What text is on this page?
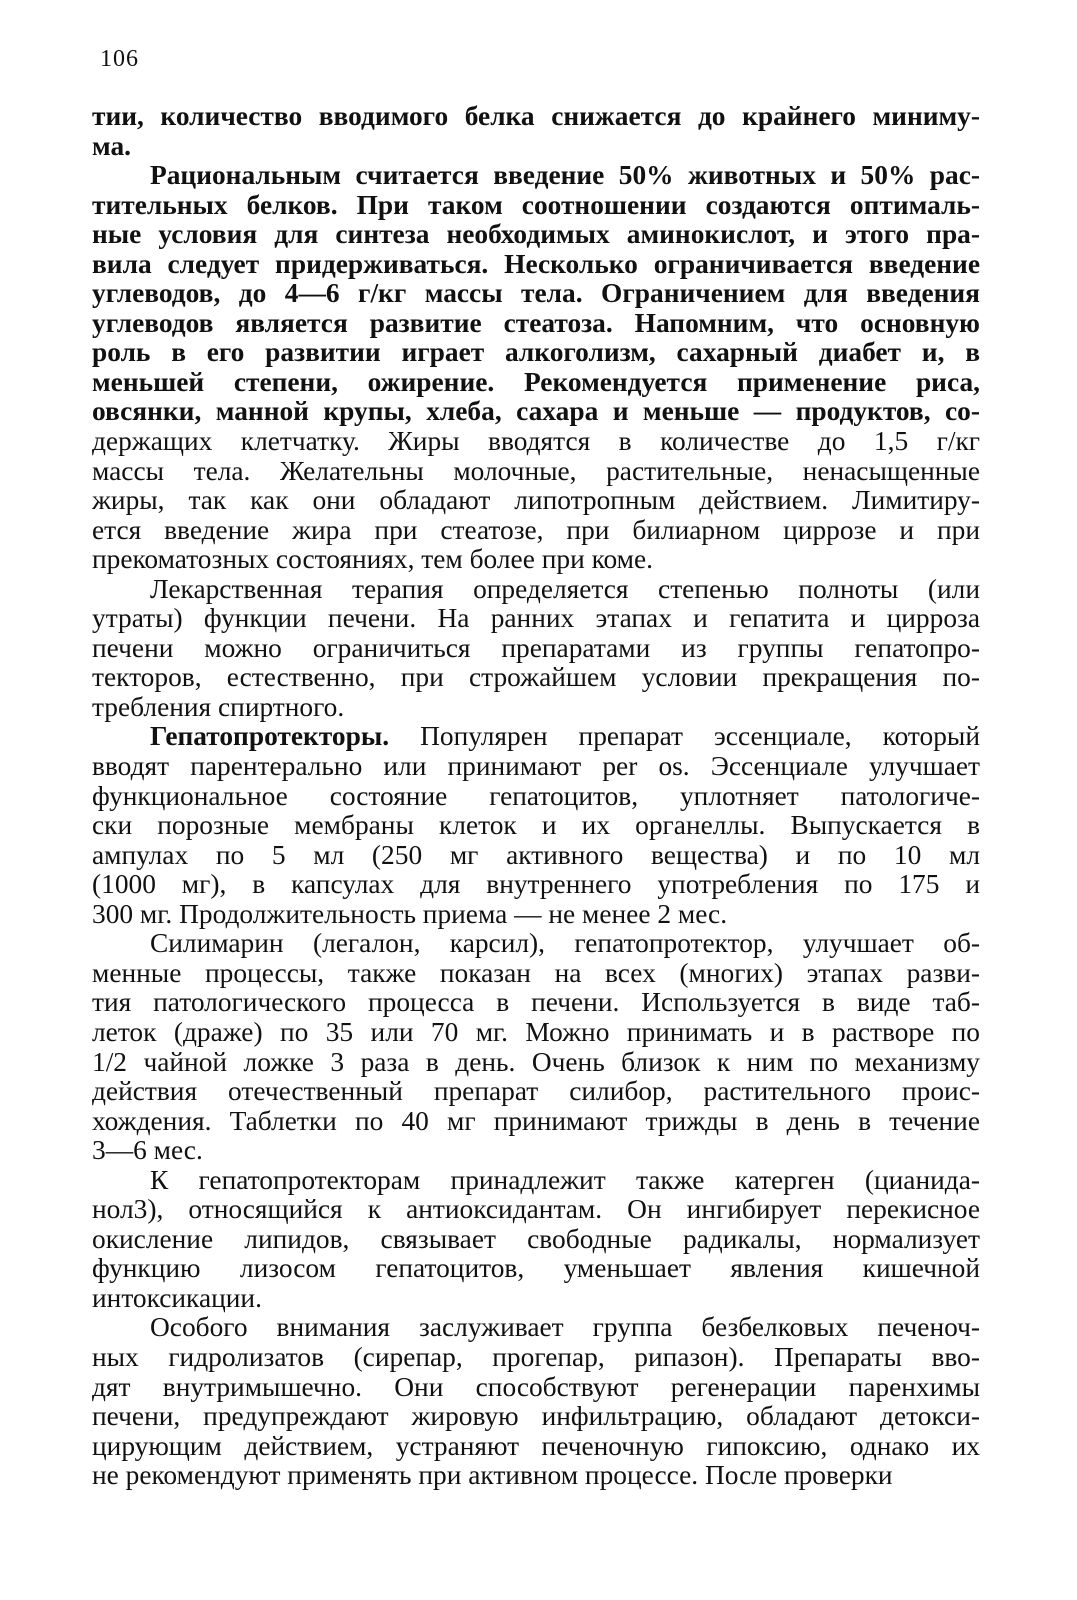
106
тии, количество вводимого белка снижается до крайнего миниму-
ма.
Рациональным считается введение 50% животных и 50% рас-
тительных белков. При таком соотношении создаются оптималь-
ные условия для синтеза необходимых аминокислот, и этого пра-
вила следует придерживаться. Несколько ограничивается введение
углеводов, до 4—6 г/кг массы тела. Ограничением для введения
углеводов является развитие стеатоза. Напомним, что основную
роль в его развитии играет алкоголизм, сахарный диабет и, в
меньшей степени, ожирение. Рекомендуется применение риса,
овсянки, манной крупы, хлеба, сахара и меньше — продуктов, со-
держащих клетчатку. Жиры вводятся в количестве до 1,5 г/кг
массы тела. Желательны молочные, растительные, ненасыщенные
жиры, так как они обладают липотропным действием. Лимитиру-
ется введение жира при стеатозе, при билиарном циррозе и при
прекоматозных состояниях, тем более при коме.
Лекарственная терапия определяется степенью полноты (или
утраты) функции печени. На ранних этапах и гепатита и цирроза
печени можно ограничиться препаратами из группы гепатопро-
текторов, естественно, при строжайшем условии прекращения по-
требления спиртного.
Гепатопротекторы. Популярен препарат эссенциале, который
вводят парентерально или принимают per os. Эссенциале улучшает
функциональное состояние гепатоцитов, уплотняет патологиче-
ски порозные мембраны клеток и их органеллы. Выпускается в
ампулах по 5 мл (250 мг активного вещества) и по 10 мл
(1000 мг), в капсулах для внутреннего употребления по 175 и
300 мг. Продолжительность приема — не менее 2 мес.
Силимарин (легалон, карсил), гепатопротектор, улучшает об-
менные процессы, также показан на всех (многих) этапах разви-
тия патологического процесса в печени. Используется в виде таб-
леток (драже) по 35 или 70 мг. Можно принимать и в растворе по
1/2 чайной ложке 3 раза в день. Очень близок к ним по механизму
действия отечественный препарат силибор, растительного проис-
хождения. Таблетки по 40 мг принимают трижды в день в течение
3—6 мес.
К гепатопротекторам принадлежит также катерген (цианида-
нол3), относящийся к антиоксидантам. Он ингибирует перекисное
окисление липидов, связывает свободные радикалы, нормализует
функцию лизосом гепатоцитов, уменьшает явления кишечной
интоксикации.
Особого внимания заслуживает группа безбелковых печеноч-
ных гидролизатов (сирепар, прогепар, рипазон). Препараты вво-
дят внутримышечно. Они способствуют регенерации паренхимы
печени, предупреждают жировую инфильтрацию, обладают детокси-
цирующим действием, устраняют печеночную гипоксию, однако их
не рекомендуют применять при активном процессе. После проверки
